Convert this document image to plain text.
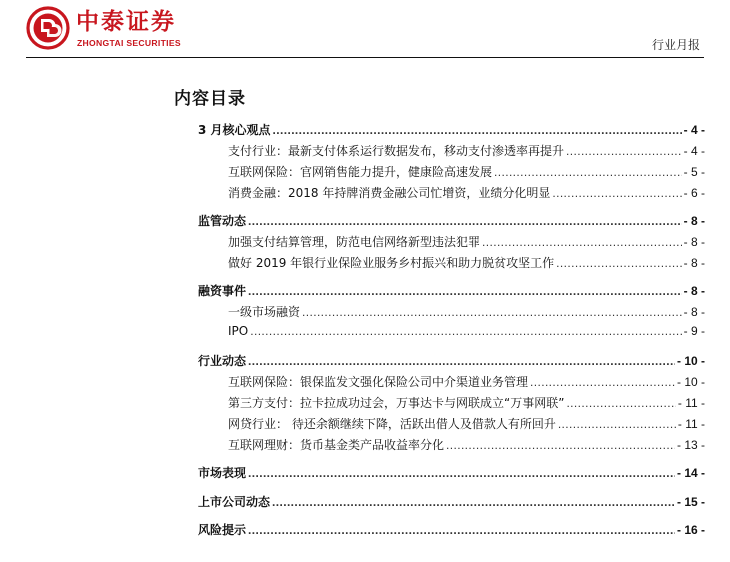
中泰证券
ZHONGTAI SECURITIES	行业月报
内容目录
3 月核心观点 .....	- 4 -
支付行业：最新支付体系运行数据发布，移动支付渗透率再提升 .....	- 4 -
互联网保险：官网销售能力提升，健康险高速发展 .....	- 5 -
消费金融：2018 年持牌消费金融公司忙增资，业绩分化明显 .....	- 6 -
监管动态 .....	- 8 -
加强支付结算管理，防范电信网络新型违法犯罪 .....	- 8 -
做好 2019 年银行业保险业服务乡村振兴和助力脱贫攻坚工作 .....	- 8 -
融资事件 .....	- 8 -
一级市场融资 .....	- 8 -
IPO .....	- 9 -
行业动态 .....	- 10 -
互联网保险：银保监发文强化保险公司中介渠道业务管理 .....	- 10 -
第三方支付：拉卡拉成功过会，万事达卡与网联成立“万事网联” .....	- 11 -
网贷行业： 待还余额继续下降，活跃出借人及借款人有所回升 .....	- 11 -
互联网理财：货币基金类产品收益率分化 .....	- 13 -
市场表现 .....	- 14 -
上市公司动态 .....	- 15 -
风险提示 .....	- 16 -
